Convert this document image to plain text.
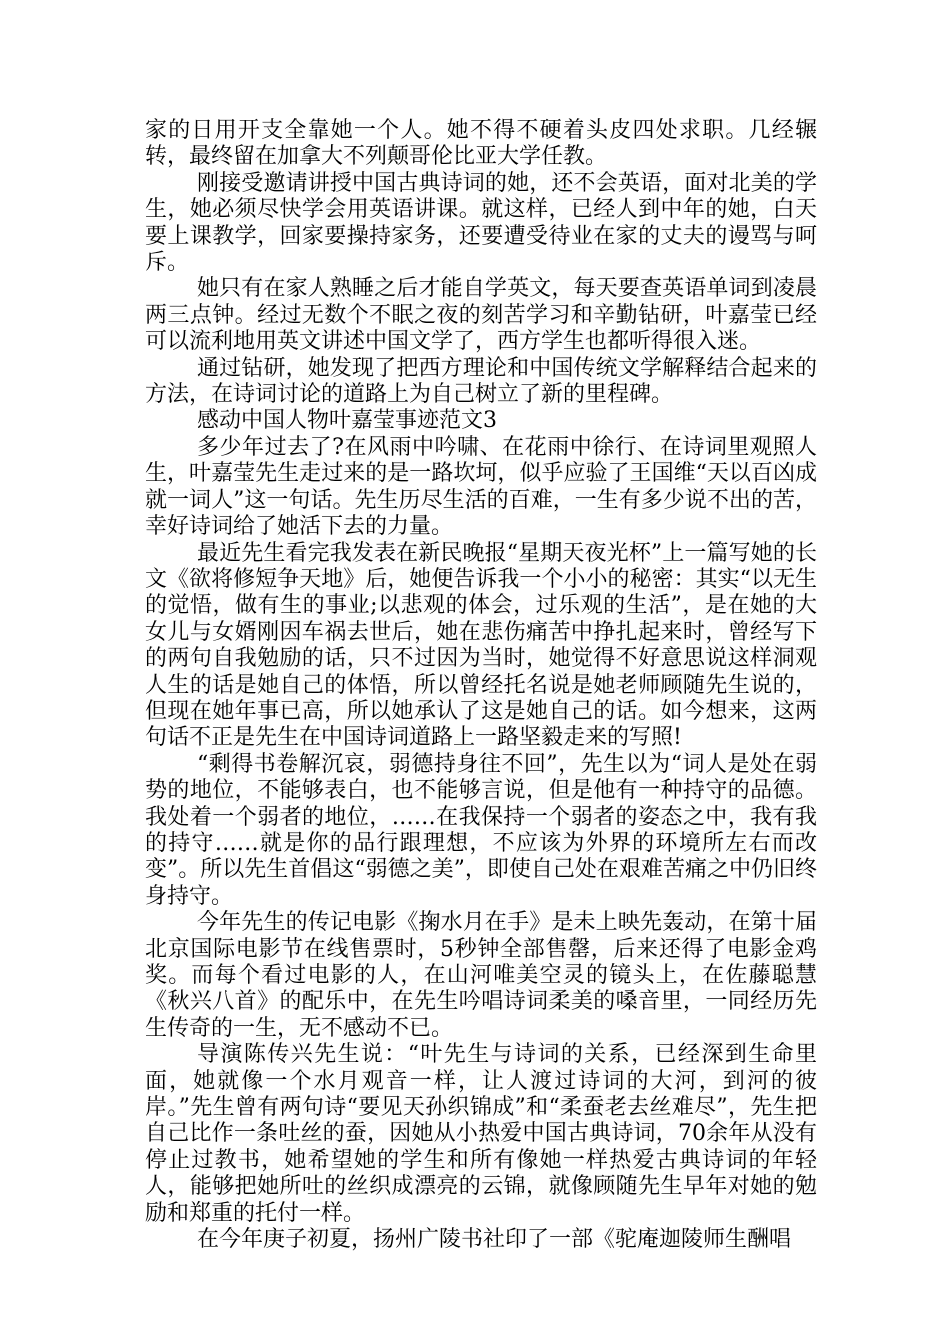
家的日用开支全靠她一个人。她不得不硬着头皮四处求职。几经辗转，最终留在加拿大不列颠哥伦比亚大学任教。

刚接受邀请讲授中国古典诗词的她，还不会英语，面对北美的学生，她必须尽快学会用英语讲课。就这样，已经人到中年的她，白天要上课教学，回家要操持家务，还要遭受待业在家的丈夫的谩骂与呵斥。

她只有在家人熟睡之后才能自学英文，每天要查英语单词到凌晨两三点钟。经过无数个不眠之夜的刻苦学习和辛勤钻研，叶嘉莹已经可以流利地用英文讲述中国文学了，西方学生也都听得很入迷。

通过钻研，她发现了把西方理论和中国传统文学解释结合起来的方法，在诗词讨论的道路上为自己树立了新的里程碑。

感动中国人物叶嘉莹事迹范文3

多少年过去了?在风雨中吟啸、在花雨中徐行、在诗词里观照人生，叶嘉莹先生走过来的是一路坎坷，似乎应验了王国维“天以百凶成就一词人”这一句话。先生历尽生活的百难，一生有多少说不出的苦，幸好诗词给了她活下去的力量。

最近先生看完我发表在新民晚报“星期天夜光杯”上一篇写她的长文《欲将修短争天地》后，她便告诉我一个小小的秘密：其实“以无生的觉悟，做有生的事业;以悲观的体会，过乐观的生活”，是在她的大女儿与女婿刚因车祸去世后，她在悲伤痛苦中挣扎起来时，曾经写下的两句自我勉励的话，只不过因为当时，她觉得不好意思说这样洞观人生的话是她自己的体悟，所以曾经托名说是她老师顾随先生说的，但现在她年事已高，所以她承认了这是她自己的话。如今想来，这两句话不正是先生在中国诗词道路上一路坚毅走来的写照!

“剩得书卷解沉哀，弱德持身往不回”，先生以为“词人是处在弱势的地位，不能够表白，也不能够言说，但是他有一种持守的品德。我处着一个弱者的地位，……在我保持一个弱者的姿态之中，我有我的持守……就是你的品行跟理想，不应该为外界的环境所左右而改变”。所以先生首倡这“弱德之美”，即使自己处在艰难苦痛之中仍旧终身持守。

今年先生的传记电影《掬水月在手》是未上映先轰动，在第十届北京国际电影节在线售票时，5秒钟全部售罄，后来还得了电影金鸡奖。而每个看过电影的人，在山河唯美空灵的镜头上，在佐藤聪慧《秋兴八首》的配乐中，在先生吟唱诗词柔美的嗓音里，一同经历先生传奇的一生，无不感动不已。

导演陈传兴先生说：“叶先生与诗词的关系，已经深到生命里面，她就像一个水月观音一样，让人渡过诗词的大河，到河的彼岸。”先生曾有两句诗“要见天孙织锦成”和“柔蚕老去丝难尽”，先生把自己比作一条吐丝的蚕，因她从小热爱中国古典诗词，70余年从没有停止过教书，她希望她的学生和所有像她一样热爱古典诗词的年轻人，能够把她所吐的丝织成漂亮的云锦，就像顾随先生早年对她的勉励和郑重的托付一样。

在今年庚子初夏，扬州广陵书社印了一部《驼庵迦陵师生酬唱
